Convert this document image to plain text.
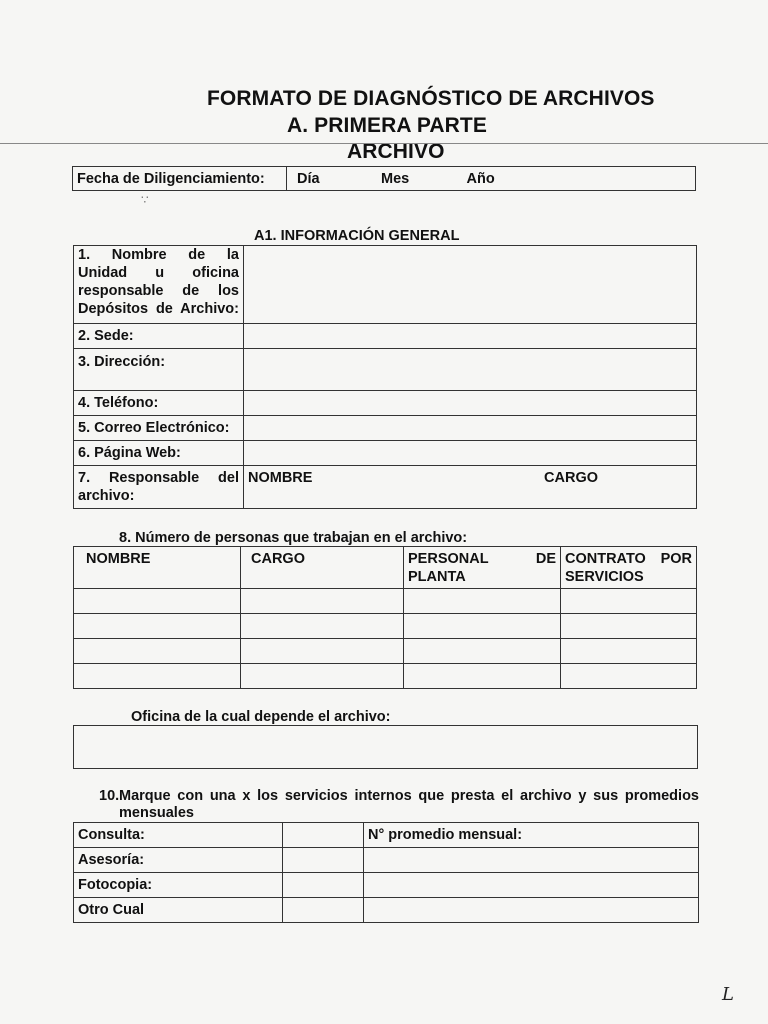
FORMATO DE DIAGNÓSTICO DE ARCHIVOS
A. PRIMERA PARTE
ARCHIVO
Fecha de Diligenciamiento:	Día	Mes	Año
∵
A1. INFORMACIÓN GENERAL
1. Nombre de la Unidad u oficina responsable de los Depósitos de Archivo:	
2. Sede:	
3. Dirección:	
4. Teléfono:	
5. Correo Electrónico:	
6. Página Web:	
7. Responsable del archivo:	NOMBRE CARGO
8. Número de personas que trabajan en el archivo:
NOMBRE	CARGO	PERSONAL DE PLANTA	CONTRATO POR SERVICIOS

Oficina de la cual depende el archivo:
10. Marque con una x los servicios internos que presta el archivo y sus promedios mensuales
Consulta:		N° promedio mensual:
Asesoría:		
Fotocopia:		
Otro Cual		
L
